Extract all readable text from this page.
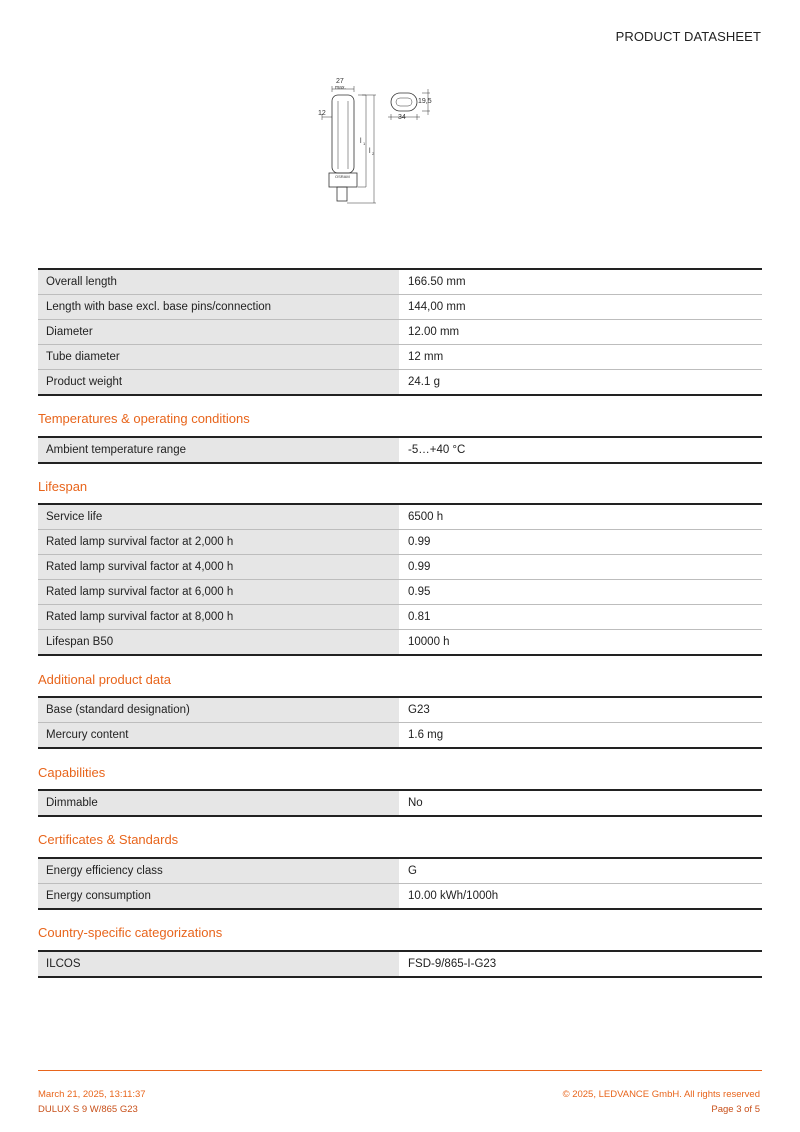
PRODUCT DATASHEET
27
max.
12
l 1
l 2
19,5
34
OSRAM
Overall length	166.50 mm
Length with base excl. base pins/connection	144,00 mm
Diameter	12.00 mm
Tube diameter	12 mm
Product weight	24.1 g
Temperatures & operating conditions
Ambient temperature range	-5…+40 °C
Lifespan
Service life	6500 h
Rated lamp survival factor at 2,000 h	0.99
Rated lamp survival factor at 4,000 h	0.99
Rated lamp survival factor at 6,000 h	0.95
Rated lamp survival factor at 8,000 h	0.81
Lifespan B50	10000 h
Additional product data
Base (standard designation)	G23
Mercury content	1.6 mg
Capabilities
Dimmable	No
Certificates & Standards
Energy efficiency class	G
Energy consumption	10.00 kWh/1000h
Country-specific categorizations
ILCOS	FSD-9/865-I-G23
March 21, 2025, 13:11:37
DULUX S 9 W/865 G23
© 2025, LEDVANCE GmbH. All rights reserved
Page 3 of 5
